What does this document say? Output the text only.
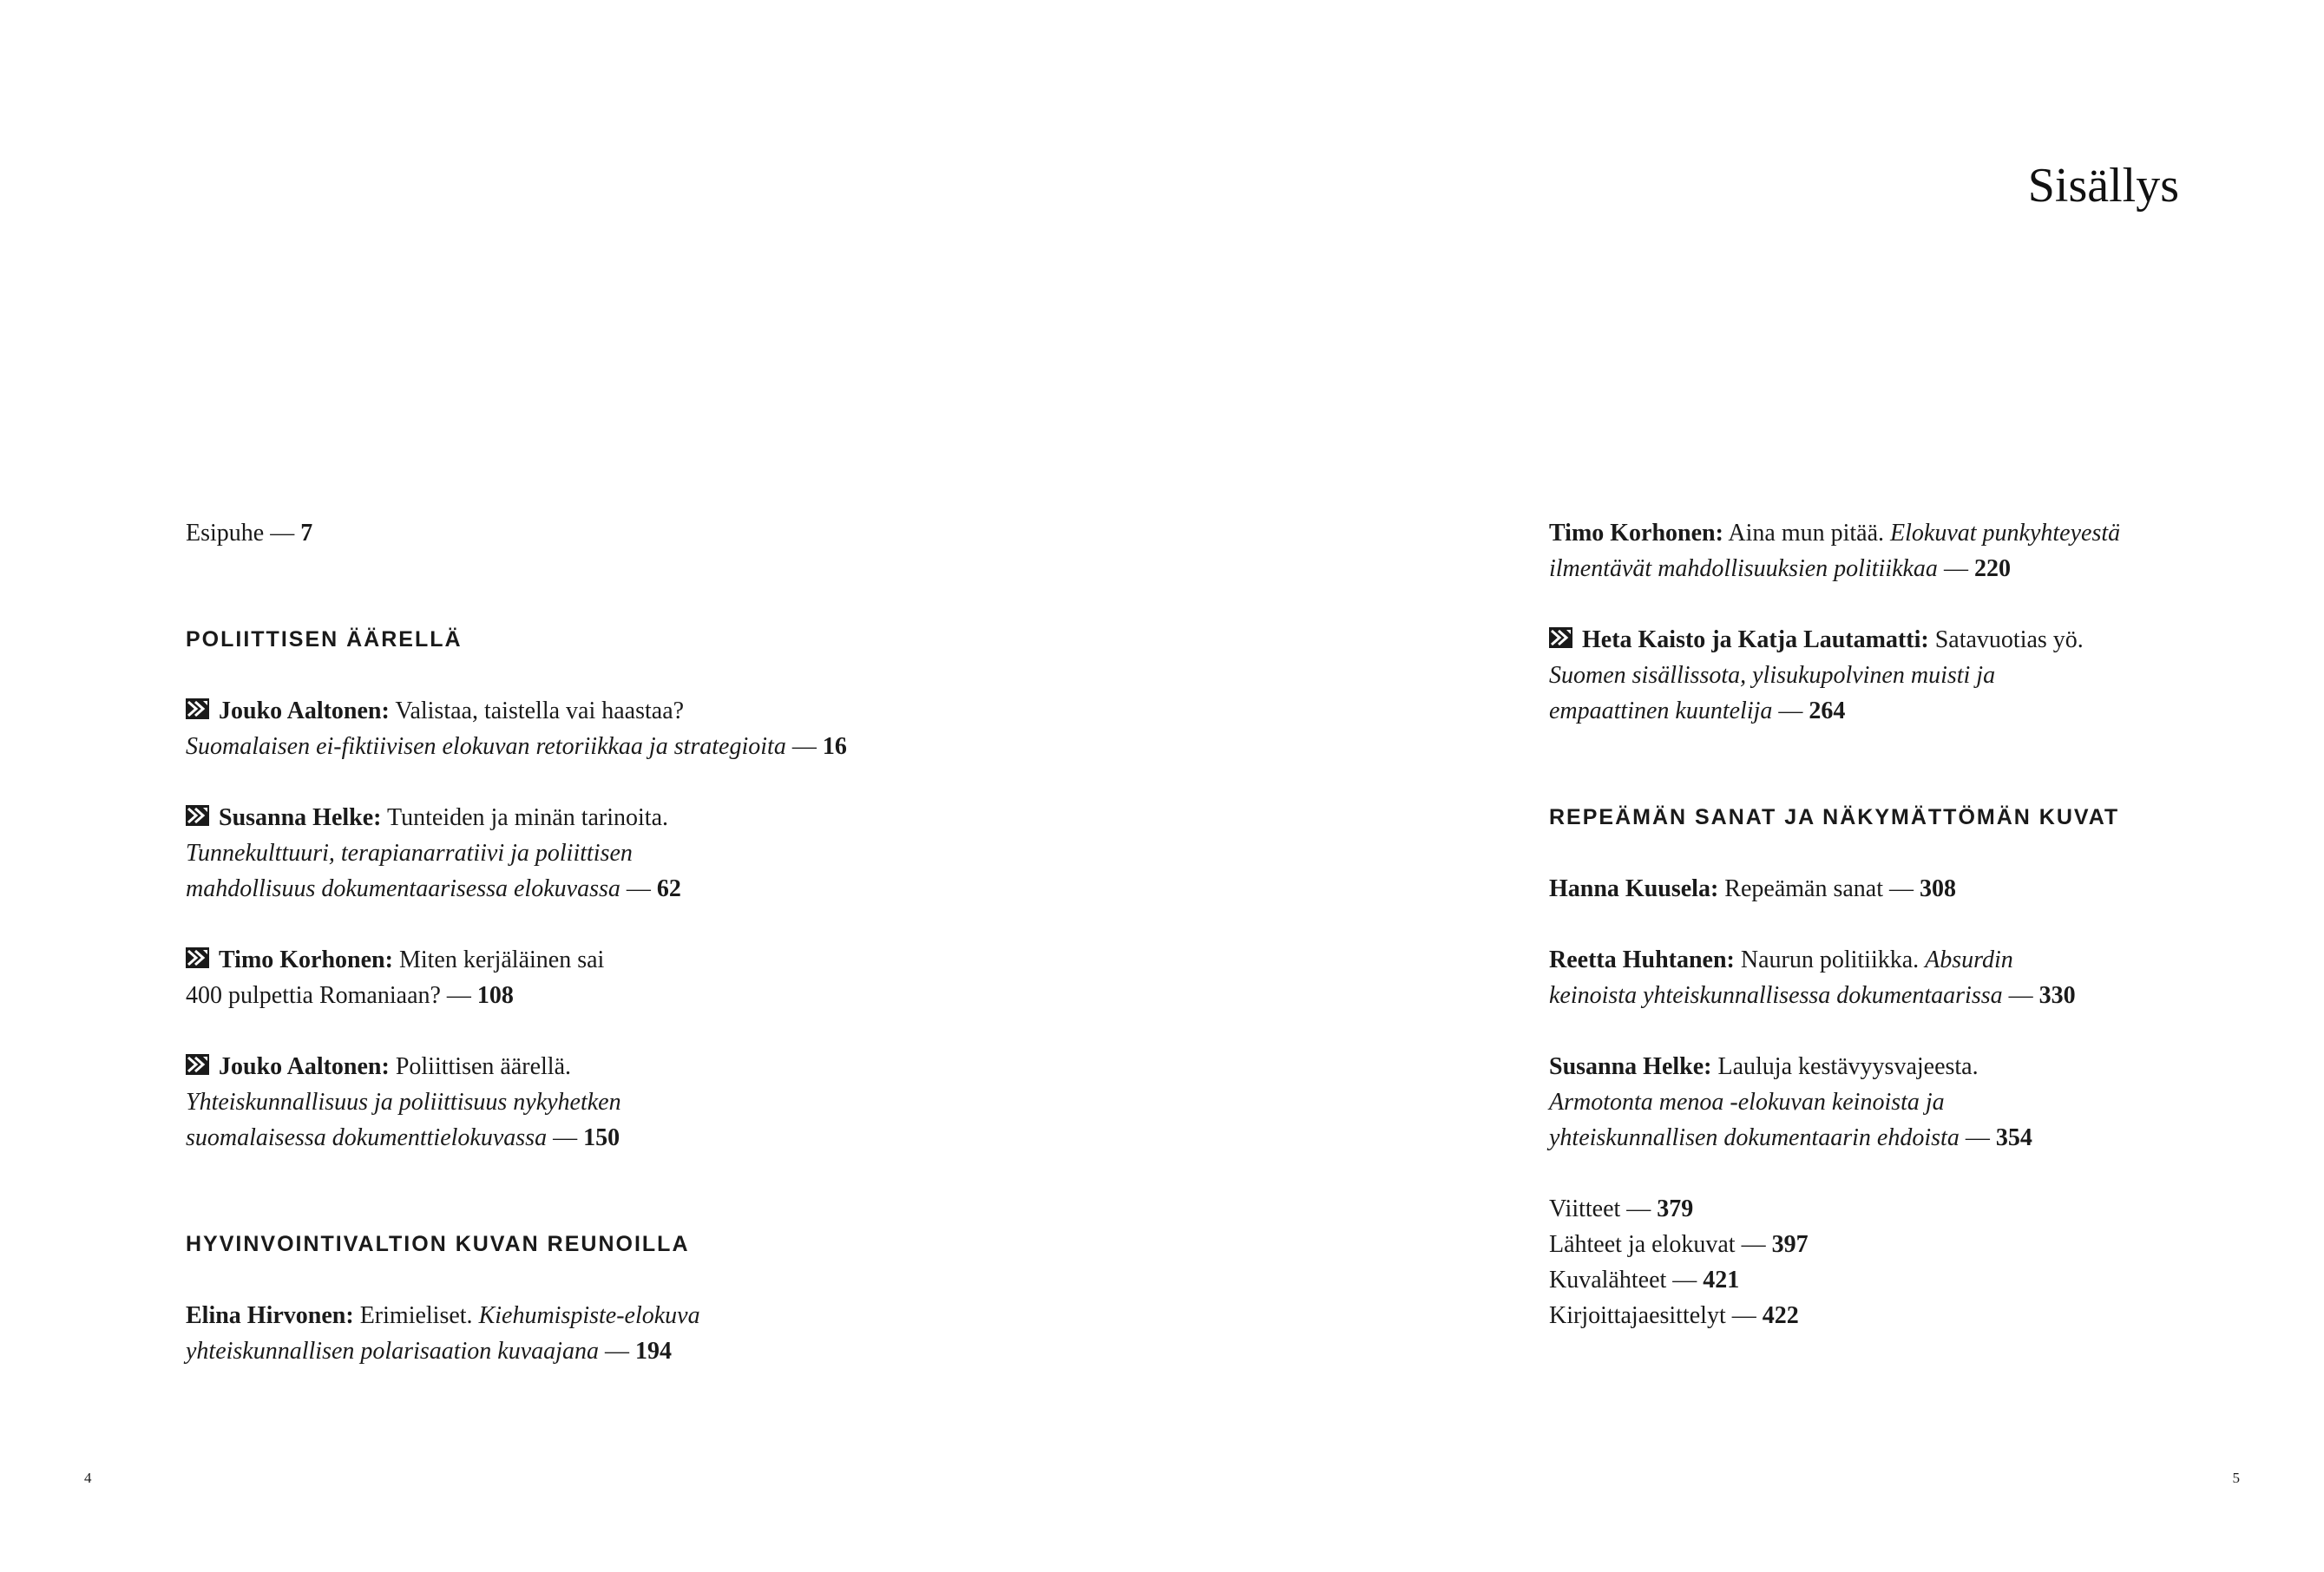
Esipuhe — 7

POLIITTISEN ÄÄRELLÄ

Jouko Aaltonen: Valistaa, taistella vai haastaa?

Suomalaisen ei-fiktiivisen elokuvan retoriikkaa ja strategioita — 16

Susanna Helke: Tunteiden ja minän tarinoita.

Tunnekulttuuri, terapianarratiivi ja poliittisen

mahdollisuus dokumentaarisessa elokuvassa — 62

Timo Korhonen: Miten kerjäläinen sai

400 pulpettia Romaniaan? — 108

Jouko Aaltonen: Poliittisen äärellä.

Yhteiskunnallisuus ja poliittisuus nykyhetken

suomalaisessa dokumenttielokuvassa — 150

HYVINVOINTIVALTION KUVAN REUNOILLA

Elina Hirvonen: Erimieliset. Kiehumispiste-elokuva

yhteiskunnallisen polarisaation kuvaajana — 194

4
Sisällys

Timo Korhonen: Aina mun pitää. Elokuvat punkyhteyestä

ilmentävät mahdollisuuksien politiikkaa — 220

Heta Kaisto ja Katja Lautamatti: Satavuotias yö.

Suomen sisällissota, ylisukupolvinen muisti ja

empaattinen kuuntelija — 264

REPEÄMÄN SANAT JA NÄKYMÄTTÖMÄN KUVAT

Hanna Kuusela: Repeämän sanat — 308

Reetta Huhtanen: Naurun politiikka. Absurdin

keinoista yhteiskunnallisessa dokumentaarissa — 330

Susanna Helke: Lauluja kestävyysvajeesta.

Armotonta menoa -elokuvan keinoista ja

yhteiskunnallisen dokumentaarin ehdoista — 354

Viitteet — 379

Lähteet ja elokuvat — 397

Kuvalähteet — 421

Kirjoittajaesittelyt — 422

5
